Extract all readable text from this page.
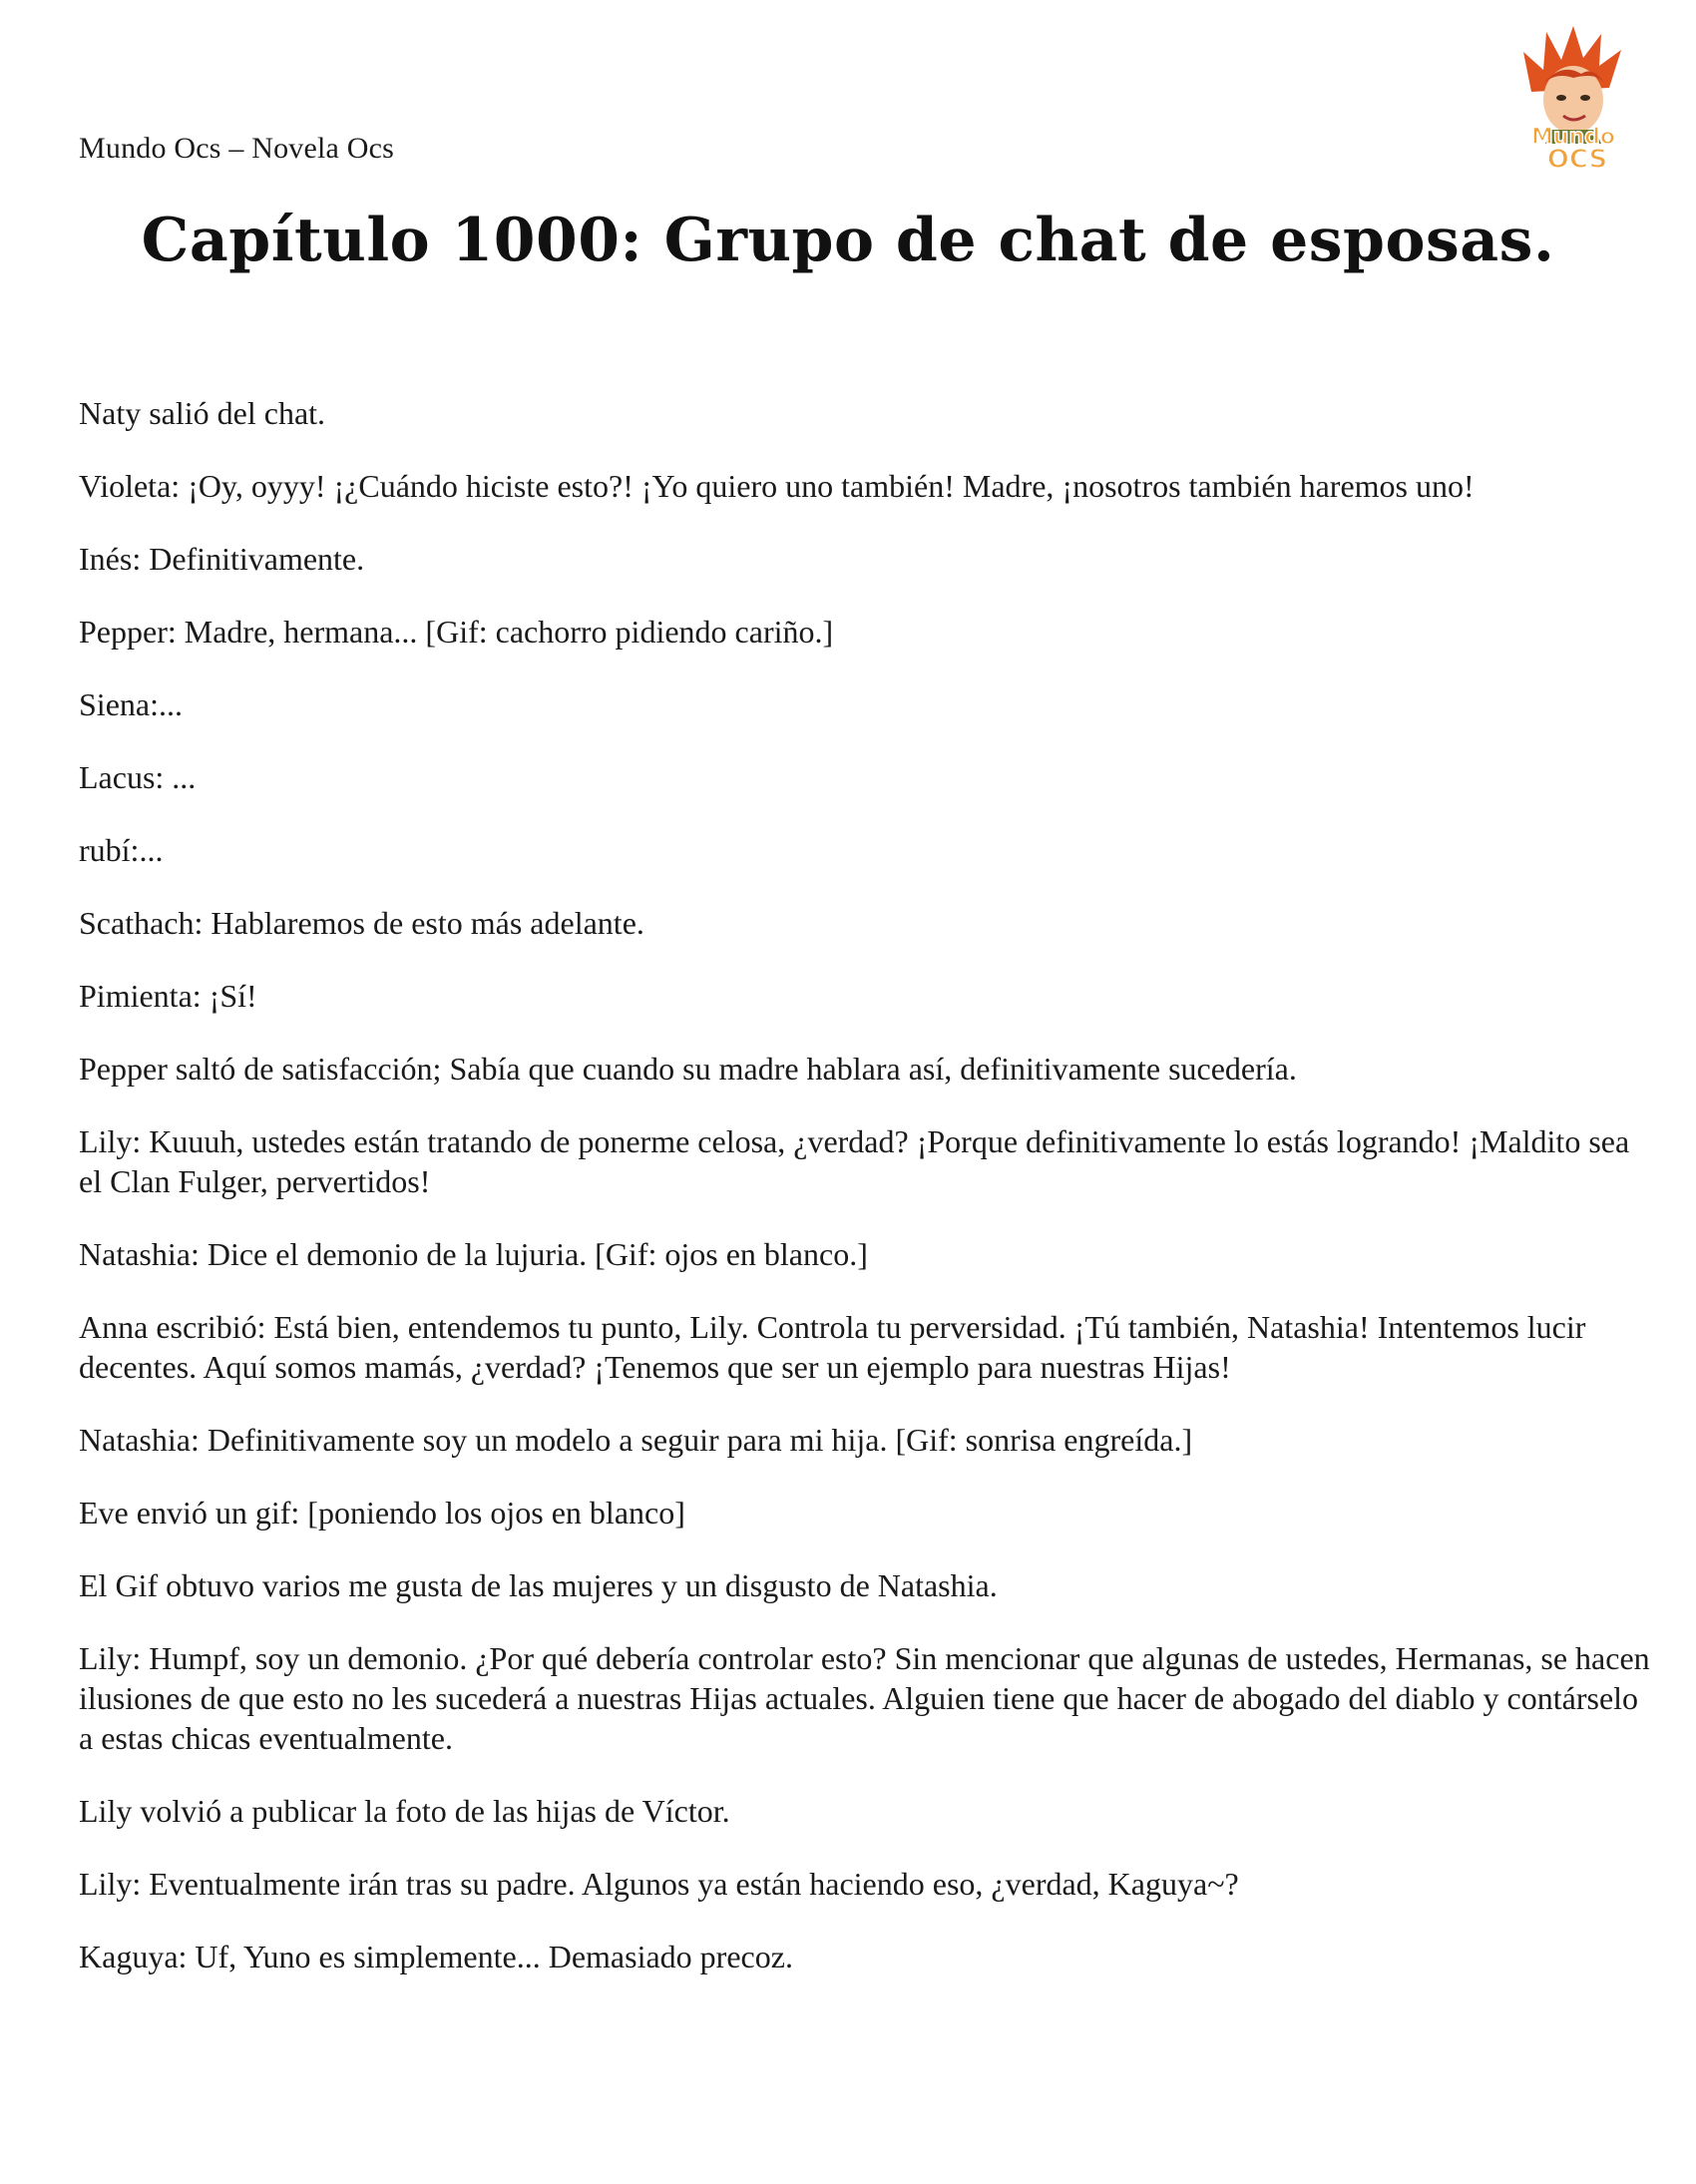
Mundo Ocs – Novela Ocs	Mundo
OCS
Capítulo 1000: Grupo de chat de esposas.

Naty salió del chat.

Violeta: ¡Oy, oyyy! ¡¿Cuándo hiciste esto?! ¡Yo quiero uno también! Madre, ¡nosotros también haremos uno!

Inés: Definitivamente.

Pepper: Madre, hermana... [Gif: cachorro pidiendo cariño.]

Siena:...

Lacus: ...

rubí:...

Scathach: Hablaremos de esto más adelante.

Pimienta: ¡Sí!

Pepper saltó de satisfacción; Sabía que cuando su madre hablara así, definitivamente sucedería.

Lily: Kuuuh, ustedes están tratando de ponerme celosa, ¿verdad? ¡Porque definitivamente lo estás logrando! ¡Maldito sea el Clan Fulger, pervertidos!

Natashia: Dice el demonio de la lujuria. [Gif: ojos en blanco.]

Anna escribió: Está bien, entendemos tu punto, Lily. Controla tu perversidad. ¡Tú también, Natashia! Intentemos lucir decentes. Aquí somos mamás, ¿verdad? ¡Tenemos que ser un ejemplo para nuestras Hijas!

Natashia: Definitivamente soy un modelo a seguir para mi hija. [Gif: sonrisa engreída.]

Eve envió un gif: [poniendo los ojos en blanco]

El Gif obtuvo varios me gusta de las mujeres y un disgusto de Natashia.

Lily: Humpf, soy un demonio. ¿Por qué debería controlar esto? Sin mencionar que algunas de ustedes, Hermanas, se hacen ilusiones de que esto no les sucederá a nuestras Hijas actuales. Alguien tiene que hacer de abogado del diablo y contárselo a estas chicas eventualmente.

Lily volvió a publicar la foto de las hijas de Víctor.

Lily: Eventualmente irán tras su padre. Algunos ya están haciendo eso, ¿verdad, Kaguya~?

Kaguya: Uf, Yuno es simplemente... Demasiado precoz.
